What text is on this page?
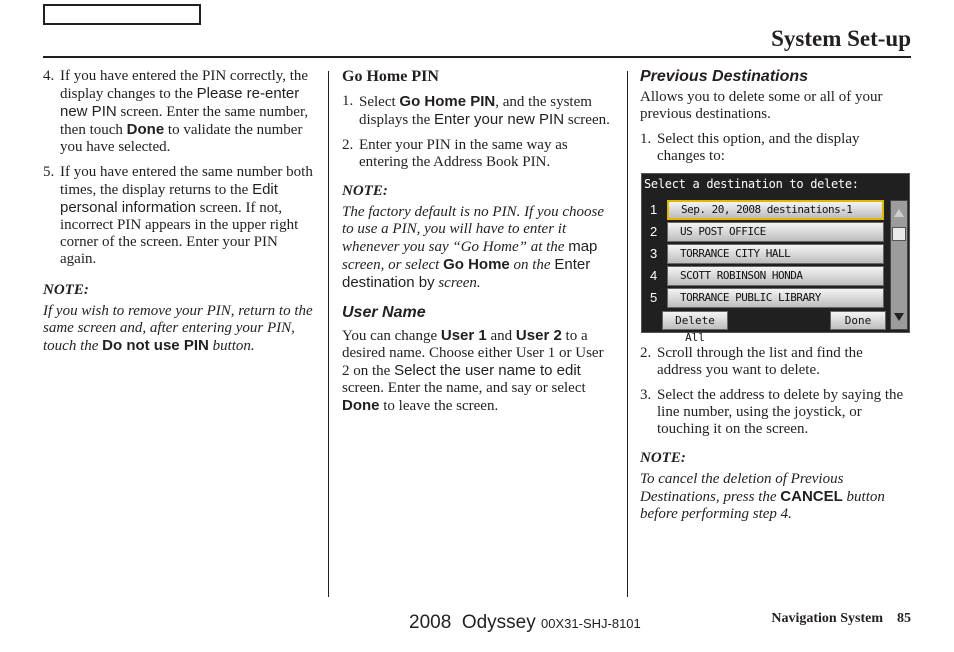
System Set-up
4. If you have entered the PIN correctly, the display changes to the Please re-enter new PIN screen. Enter the same number, then touch Done to validate the number you have selected.
5. If you have entered the same number both times, the display returns to the Edit personal information screen. If not, incorrect PIN appears in the upper right corner of the screen. Enter your PIN again.
NOTE:
If you wish to remove your PIN, return to the same screen and, after entering your PIN, touch the Do not use PIN button.
Go Home PIN
1. Select Go Home PIN, and the system displays the Enter your new PIN screen.
2. Enter your PIN in the same way as entering the Address Book PIN.
NOTE:
The factory default is no PIN. If you choose to use a PIN, you will have to enter it whenever you say “Go Home” at the map screen, or select Go Home on the Enter destination by screen.
User Name
You can change User 1 and User 2 to a desired name. Choose either User 1 or User 2 on the Select the user name to edit screen. Enter the name, and say or select Done to leave the screen.
Previous Destinations

Allows you to delete some or all of your previous destinations.

1. Select this option, and the display changes to:
2. Scroll through the list and find the address you want to delete.
3. Select the address to delete by saying the line number, using the joystick, or touching it on the screen.
NOTE:
To cancel the deletion of Previous Destinations, press the CANCEL button before performing step 4.
Select a destination to delete:
1	Sep. 20, 2008 destinations-1
2	US POST OFFICE
3	TORRANCE CITY HALL
4	SCOTT ROBINSON HONDA
5	TORRANCE PUBLIC LIBRARY
Delete All
Done
2008  Odyssey 00X31-SHJ-8101	Navigation System 85
